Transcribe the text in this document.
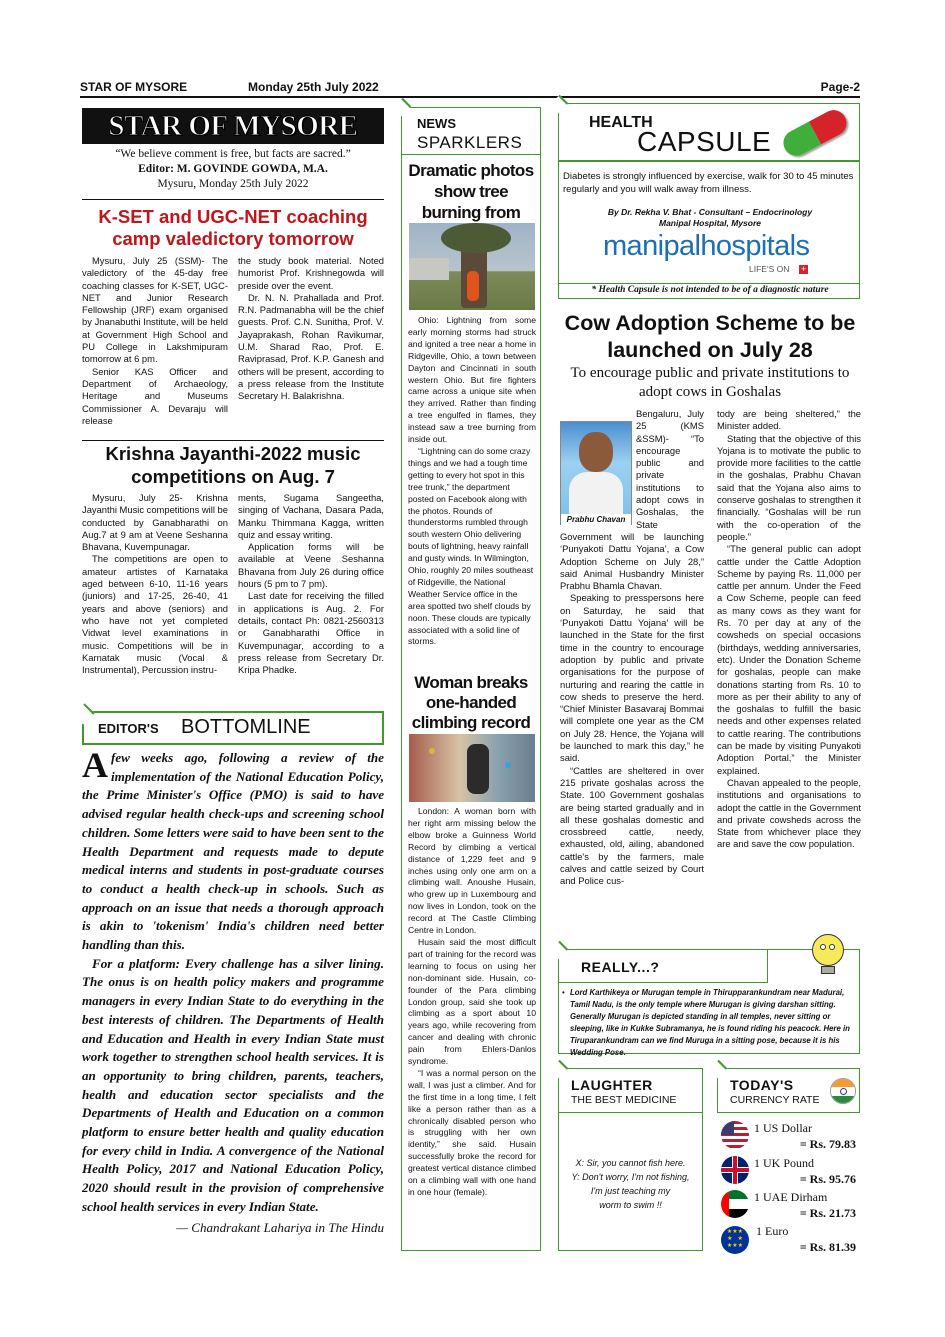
STAR OF MYSORE	Monday 25th July 2022	Page-2
STAR OF MYSORE
“We believe comment is free, but facts are sacred.”
Editor: M. GOVINDE GOWDA, M.A.
Mysuru, Monday 25th July 2022
K-SET and UGC-NET coaching camp valedictory tomorrow

Mysuru, July 25 (SSM)- The valedictory of the 45-day free coaching classes for K-SET, UGC-NET and Junior Research Fellowship (JRF) exam organised by Jnanabuthi Institute, will be held at Government High School and PU College in Lakshmipuram tomorrow at 6 pm.

Senior KAS Officer and Department of Archaeology, Heritage and Museums Commissioner A. Devaraju will release

the study book material. Noted humorist Prof. Krishnegowda will preside over the event.

Dr. N. N. Prahallada and Prof. R.N. Padmanabha will be the chief guests. Prof. C.N. Sunitha, Prof. V. Jayaprakash, Rohan Ravikumar, U.M. Sharad Rao, Prof. E. Raviprasad, Prof. K.P. Ganesh and others will be present, according to a press release from the Institute Secretary H. Balakrishna.

Krishna Jayanthi-2022 music competitions on Aug. 7

Mysuru, July 25- Krishna Jayanthi Music competitions will be conducted by Ganabharathi on Aug.7 at 9 am at Veene Seshanna Bhavana, Kuvempunagar.

The competitions are open to amateur artistes of Karnataka aged between 6-10, 11-16 years (juniors) and 17-25, 26-40, 41 years and above (seniors) and who have not yet completed Vidwat level examinations in music. Competitions will be in Karnatak music (Vocal & Instrumental), Percussion instru-

ments, Sugama Sangeetha, singing of Vachana, Dasara Pada, Manku Thimmana Kagga, written quiz and essay writing.

Application forms will be available at Veene Seshanna Bhavana from July 26 during office hours (5 pm to 7 pm).

Last date for receiving the filled in applications is Aug. 2. For details, contact Ph: 0821-2560313 or Ganabharathi Office in Kuvempunagar, according to a press release from Secretary Dr. Kripa Phadke.

EDITOR'S BOTTOMLINE
A few weeks ago, following a review of the implementation of the National Education Policy, the Prime Minister's Office (PMO) is said to have advised regular health check-ups and screening school children. Some letters were said to have been sent to the Health Department and requests made to depute medical interns and students in post-graduate courses to conduct a health check-up in schools. Such as approach on an issue that needs a thorough approach is akin to 'tokenism' India's children need better handling than this.
For a platform: Every challenge has a silver lining. The onus is on health policy makers and programme managers in every Indian State to do everything in the best interests of children. The Departments of Health and Education and Health in every Indian State must work together to strengthen school health services. It is an opportunity to bring children, parents, teachers, health and education sector specialists and the Departments of Health and Education on a common platform to ensure better health and quality education for every child in India. A convergence of the National Health Policy, 2017 and National Education Policy, 2020 should result in the provision of comprehensive school health services in every Indian State.
— Chandrakant Lahariya in The Hindu
NEWS
SPARKLERS
Dramatic photos show tree burning from

Ohio: Lightning from some early morning storms had struck and ignited a tree near a home in Ridgeville, Ohio, a town between Dayton and Cincinnati in south western Ohio. But fire fighters came across a unique site when they arrived. Rather than finding a tree engulfed in flames, they instead saw a tree burning from inside out.

“Lightning can do some crazy things and we had a tough time getting to every hot spot in this tree trunk,” the department posted on Facebook along with the photos. Rounds of thunderstorms rumbled through south western Ohio delivering bouts of lightning, heavy rainfall and gusty winds. In Wilmington, Ohio, roughly 20 miles southeast of Ridgeville, the National Weather Service office in the area spotted two shelf clouds by noon. These clouds are typically associated with a solid line of storms.

Woman breaks one-handed climbing record

London: A woman born with her right arm missing below the elbow broke a Guinness World Record by climbing a vertical distance of 1,229 feet and 9 inches using only one arm on a climbing wall. Anoushe Husain, who grew up in Luxembourg and now lives in London, took on the record at The Castle Climbing Centre in London.

Husain said the most difficult part of training for the record was learning to focus on using her non-dominant side. Husain, co-founder of the Para climbing London group, said she took up climbing as a sport about 10 years ago, while recovering from cancer and dealing with chronic pain from Ehlers-Danlos syndrome.

“I was a normal person on the wall, I was just a climber. And for the first time in a long time, I felt like a person rather than as a chronically disabled person who is struggling with her own identity,” she said. Husain successfully broke the record for greatest vertical distance climbed on a climbing wall with one hand in one hour (female).

HEALTH
CAPSULE
Diabetes is strongly influenced by exercise, walk for 30 to 45 minutes regularly and you will walk away from illness.
By Dr. Rekha V. Bhat - Consultant – Endocrinology
Manipal Hospital, Mysore
manipalhospitals
LIFE'S ON +
* Health Capsule is not intended to be of a diagnostic nature
Cow Adoption Scheme to be launched on July 28
To encourage public and private institutions to adopt cows in Goshalas
Prabhu Chavan
Bengaluru, July 25 (KMS &SSM)- “To encourage public and private institutions to adopt cows in Goshalas, the State Government will be launching ‘Punyakoti Dattu Yojana’, a Cow Adoption Scheme on July 28,” said Animal Husbandry Minister Prabhu Bhamla Chavan.

Speaking to presspersons here on Saturday, he said that ‘Punyakoti Dattu Yojana’ will be launched in the State for the first time in the country to encourage adoption by public and private organisations for the purpose of nurturing and rearing the cattle in cow sheds to preserve the herd. “Chief Minister Basavaraj Bommai will complete one year as the CM on July 28. Hence, the Yojana will be launched to mark this day,” he said.

“Cattles are sheltered in over 215 private goshalas across the State. 100 Government goshalas are being started gradually and in all these goshalas domestic and crossbreed cattle, needy, exhausted, old, ailing, abandoned cattle's by the farmers, male calves and cattle seized by Court and Police cus-

tody are being sheltered,” the Minister added.

Stating that the objective of this Yojana is to motivate the public to provide more facilities to the cattle in the goshalas, Prabhu Chavan said that the Yojana also aims to conserve goshalas to strengthen it financially. “Goshalas will be run with the co-operation of the people.”

“The general public can adopt cattle under the Cattle Adoption Scheme by paying Rs. 11,000 per cattle per annum. Under the Feed a Cow Scheme, people can feed as many cows as they want for Rs. 70 per day at any of the cowsheds on special occasions (birthdays, wedding anniversaries, etc). Under the Donation Scheme for goshalas, people can make donations starting from Rs. 10 to more as per their ability to any of the goshalas to fulfill the basic needs and other expenses related to cattle rearing. The contributions can be made by visiting Punyakoti Adoption Portal,” the Minister explained.

Chavan appealed to the people, institutions and organisations to adopt the cattle in the Government and private cowsheds across the State from whichever place they are and save the cow population.

REALLY...?
• Lord Karthikeya or Murugan temple in Thirupparankundram near Madurai, Tamil Nadu, is the only temple where Murugan is giving darshan sitting. Generally Murugan is depicted standing in all temples, never sitting or sleeping, like in Kukke Subramanya, he is found riding his peacock. Here in Tiruparankundram can we find Muruga in a sitting pose, because it is his Wedding Pose.
LAUGHTER
THE BEST MEDICINE
X: Sir, you cannot fish here.
Y: Don't worry, I'm not fishing,
I'm just teaching my
worm to swim !!
TODAY'S
CURRENCY RATE
1 US Dollar
= Rs. 79.83
1 UK Pound
= Rs. 95.76
1 UAE Dirham
= Rs. 21.73
★★★
★   ★
★★★
1 Euro
= Rs. 81.39
